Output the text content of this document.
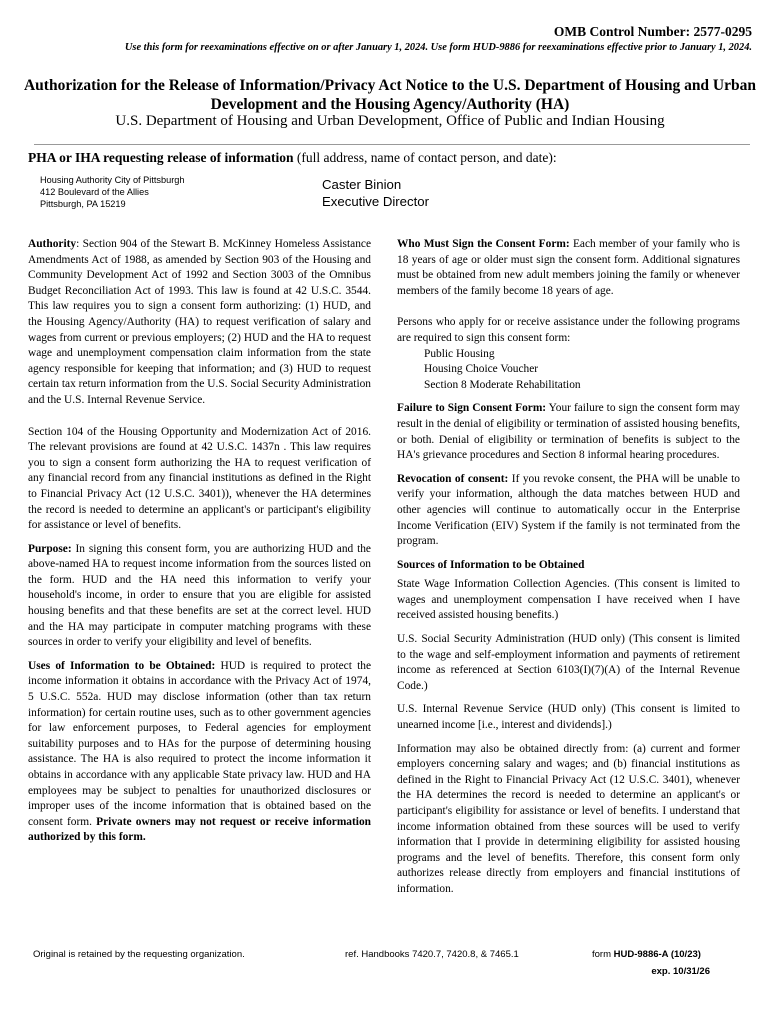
OMB Control Number: 2577-0295
Use this form for reexaminations effective on or after January 1, 2024. Use form HUD-9886 for reexaminations effective prior to January 1, 2024.
Authorization for the Release of Information/Privacy Act Notice to the U.S. Department of Housing and Urban
Development and the Housing Agency/Authority (HA)
U.S. Department of Housing and Urban Development, Office of Public and Indian Housing
PHA or IHA requesting release of information (full address, name of contact person, and date):
Housing Authority City of Pittsburgh
412 Boulevard of the Allies
Pittsburgh, PA 15219
Caster Binion
Executive Director

Authority: Section 904 of the Stewart B. McKinney Homeless Assistance Amendments Act of 1988, as amended by Section 903 of the Housing and Community Development Act of 1992 and Section 3003 of the Omnibus Budget Reconciliation Act of 1993. This law is found at 42 U.S.C. 3544. This law requires you to sign a consent form authorizing: (1) HUD, and the Housing Agency/Authority (HA) to request verification of salary and wages from current or previous employers; (2) HUD and the HA to request wage and unemployment compensation claim information from the state agency responsible for keeping that information; and (3) HUD to request certain tax return information from the U.S. Social Security Administration and the U.S. Internal Revenue Service.

Section 104 of the Housing Opportunity and Modernization Act of 2016. The relevant provisions are found at 42 U.S.C. 1437n . This law requires you to sign a consent form authorizing the HA to request verification of any financial record from any financial institutions as defined in the Right to Financial Privacy Act (12 U.S.C. 3401)), whenever the HA determines the record is needed to determine an applicant's or participant's eligibility for assistance or level of benefits.

Purpose: In signing this consent form, you are authorizing HUD and the above-named HA to request income information from the sources listed on the form. HUD and the HA need this information to verify your household's income, in order to ensure that you are eligible for assisted housing benefits and that these benefits are set at the correct level. HUD and the HA may participate in computer matching programs with these sources in order to verify your eligibility and level of benefits.

Uses of Information to be Obtained: HUD is required to protect the income information it obtains in accordance with the Privacy Act of 1974, 5 U.S.C. 552a. HUD may disclose information (other than tax return information) for certain routine uses, such as to other government agencies for law enforcement purposes, to Federal agencies for employment suitability purposes and to HAs for the purpose of determining housing assistance. The HA is also required to protect the income information it obtains in accordance with any applicable State privacy law. HUD and HA employees may be subject to penalties for unauthorized disclosures or improper uses of the income information that is obtained based on the consent form. Private owners may not request or receive information authorized by this form.

Who Must Sign the Consent Form: Each member of your family who is 18 years of age or older must sign the consent form. Additional signatures must be obtained from new adult members joining the family or whenever members of the family become 18 years of age.

Persons who apply for or receive assistance under the following programs are required to sign this consent form:

Public Housing
Housing Choice Voucher
Section 8 Moderate Rehabilitation

Failure to Sign Consent Form: Your failure to sign the consent form may result in the denial of eligibility or termination of assisted housing benefits, or both. Denial of eligibility or termination of benefits is subject to the HA's grievance procedures and Section 8 informal hearing procedures.

Revocation of consent: If you revoke consent, the PHA will be unable to verify your information, although the data matches between HUD and other agencies will continue to automatically occur in the Enterprise Income Verification (EIV) System if the family is not terminated from the program.

Sources of Information to be Obtained

State Wage Information Collection Agencies. (This consent is limited to wages and unemployment compensation I have received when I have received assisted housing benefits.)

U.S. Social Security Administration (HUD only) (This consent is limited to the wage and self-employment information and payments of retirement income as referenced at Section 6103(I)(7)(A) of the Internal Revenue Code.)

U.S. Internal Revenue Service (HUD only) (This consent is limited to unearned income [i.e., interest and dividends].)

Information may also be obtained directly from: (a) current and former employers concerning salary and wages; and (b) financial institutions as defined in the Right to Financial Privacy Act (12 U.S.C. 3401), whenever the HA determines the record is needed to determine an applicant's or participant's eligibility for assistance or level of benefits. I understand that income information obtained from these sources will be used to verify information that I provide in determining eligibility for assisted housing programs and the level of benefits. Therefore, this consent form only authorizes release directly from employers and financial institutions of information.

Original is retained by the requesting organization.	ref. Handbooks 7420.7, 7420.8, & 7465.1	form HUD-9886-A (10/23)
exp. 10/31/26
